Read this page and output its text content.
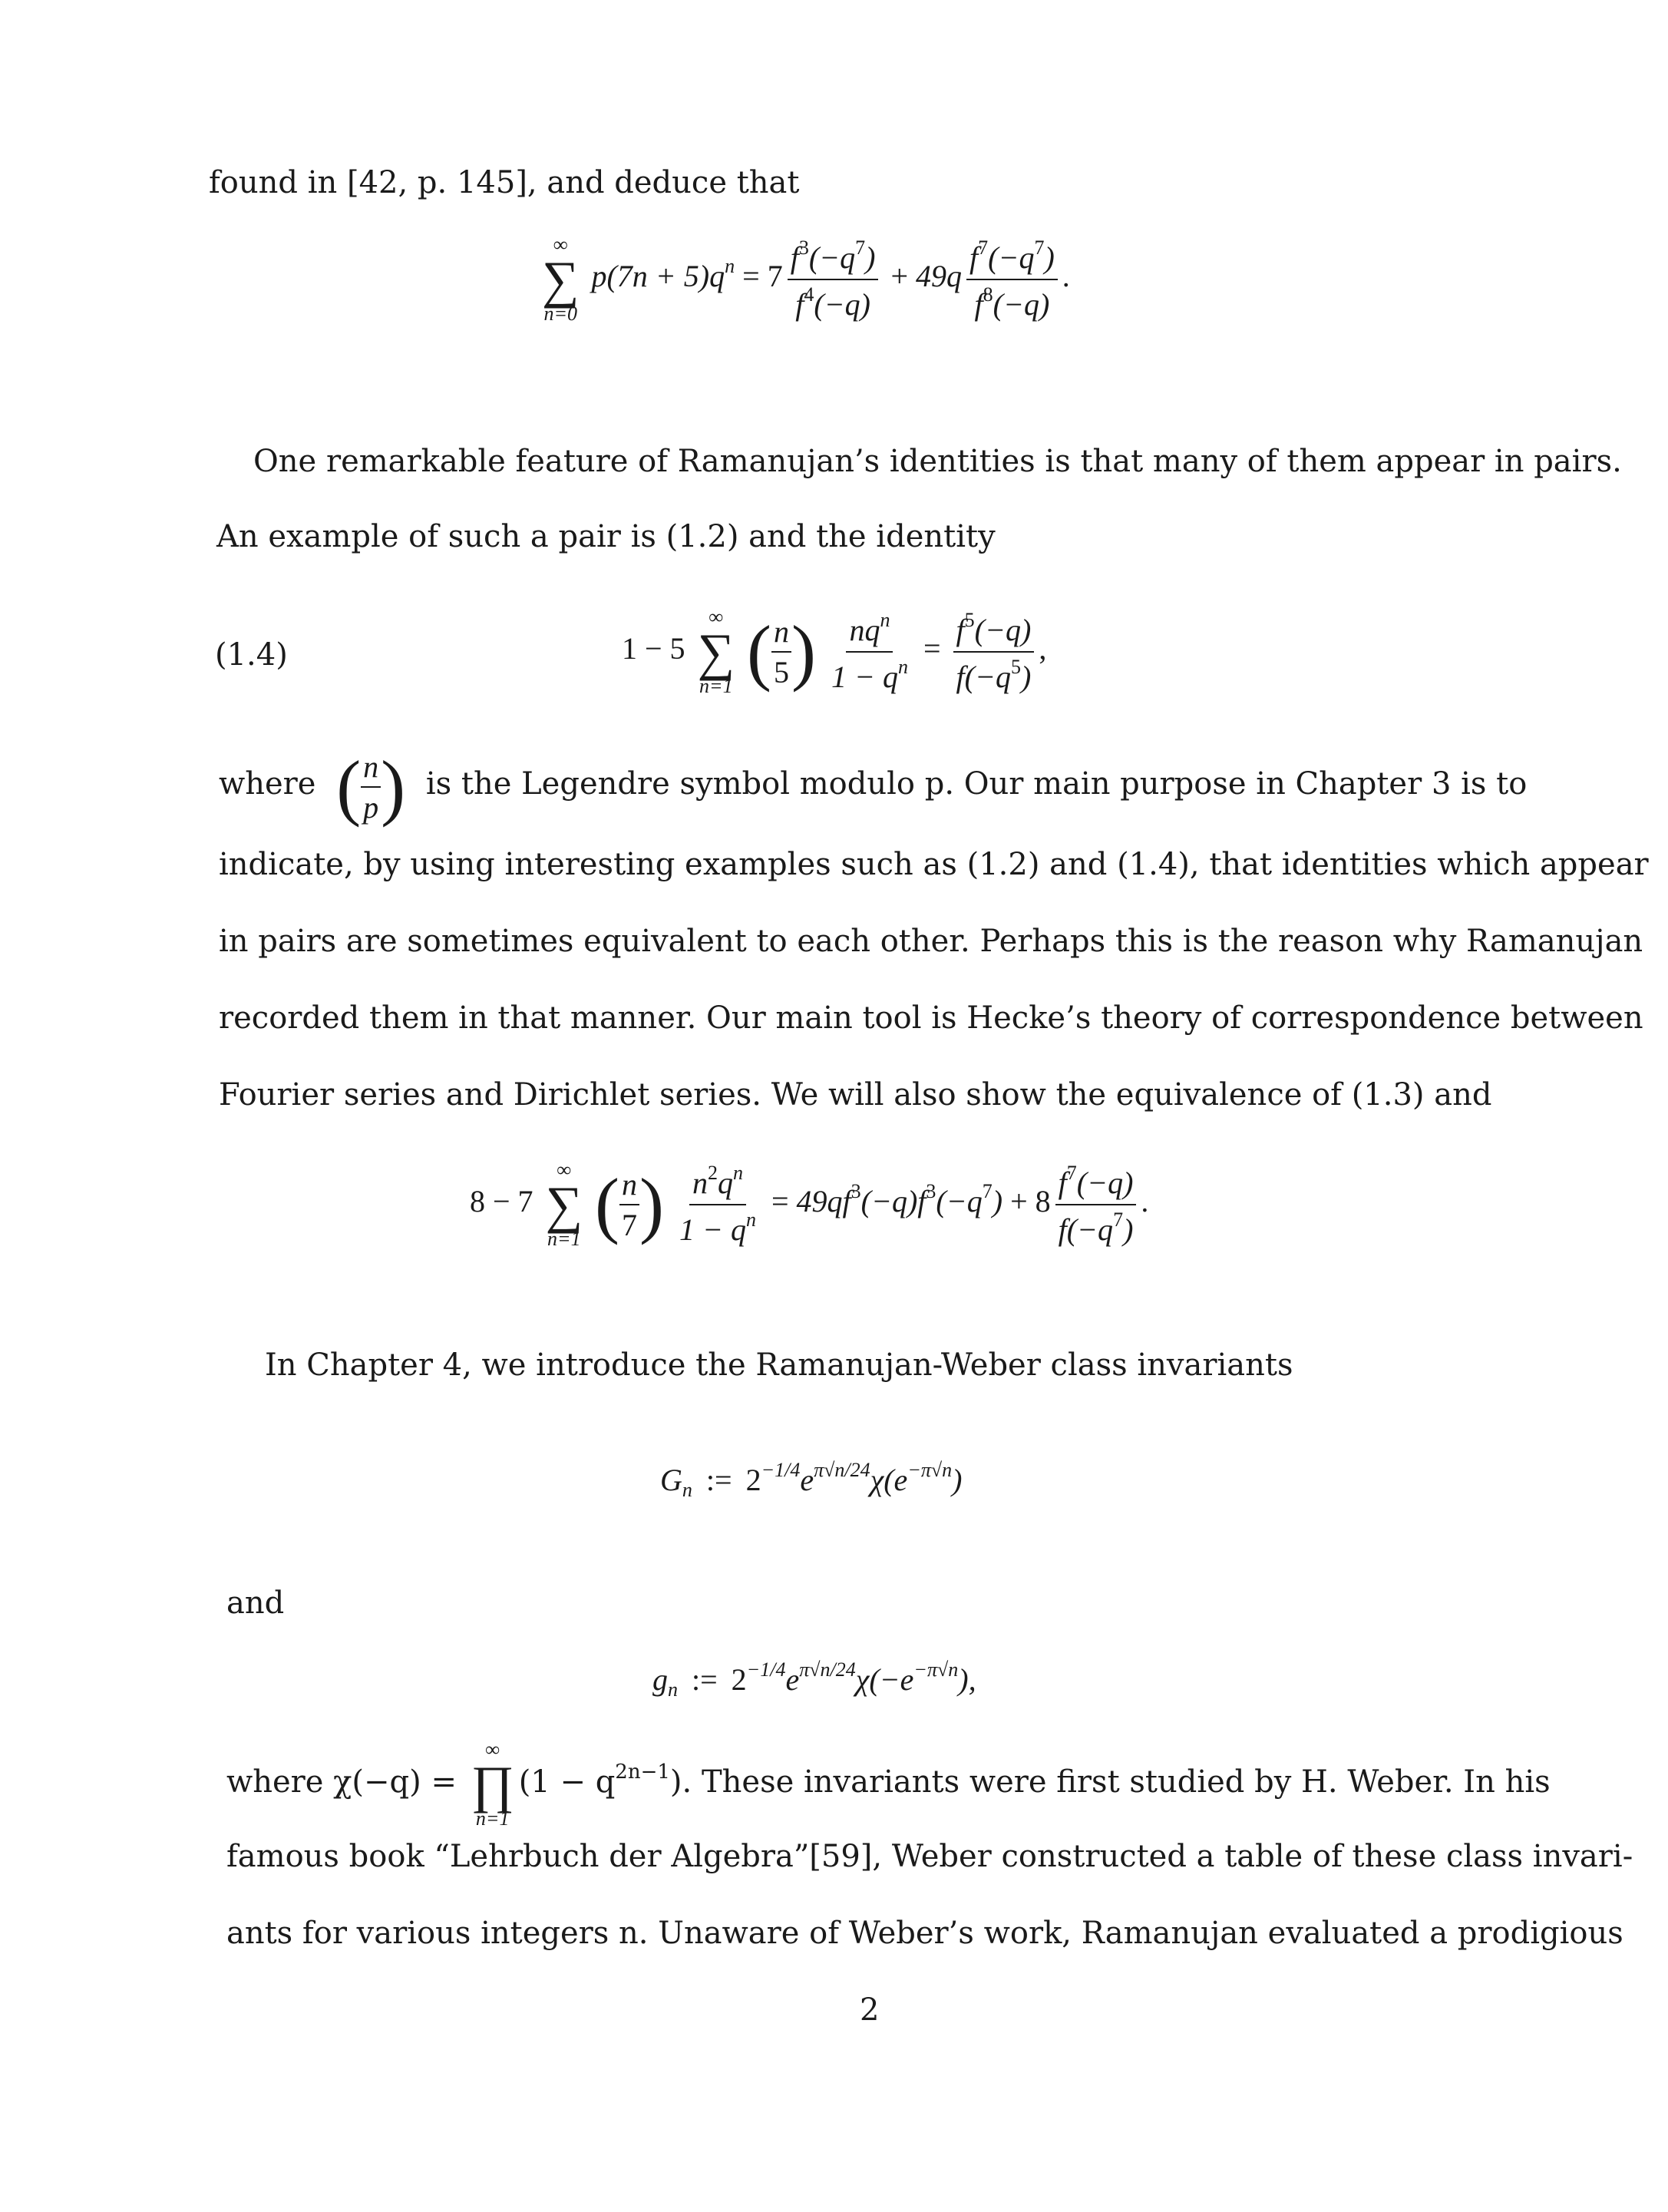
found in [42, p. 145], and deduce that
∞
∑
n=0
$p(7n + 5)q^n = 7 \frac{f^3(-q^7)}{f^4(-q)} + 49q \frac{f^7(-q^7)}{f^8(-q)}$ .
One remarkable feature of Ramanujan’s identities is that many of them appear in pairs.
An example of such a pair is (1.2) and the identity
(1.4)	1 − 5
∞
∑
n=1 ( $\frac{n}{5}$ ) $\frac{nq^n}{1 - q^n} = \frac{f^5(-q)}{f(-q^5)}$ ,
where ( $\frac{n}{p}$ ) is the Legendre symbol modulo p. Our main purpose in Chapter 3 is to
indicate, by using interesting examples such as (1.2) and (1.4), that identities which appear
in pairs are sometimes equivalent to each other. Perhaps this is the reason why Ramanujan
recorded them in that manner. Our main tool is Hecke’s theory of correspondence between
Fourier series and Dirichlet series. We will also show the equivalence of (1.3) and
8 − 7
∞
∑
n=1 ( $\frac{n}{7}$ ) $\frac{n^2q^n}{1 - q^n} = 49qf^3(-q)f^3(-q^7) + 8 \frac{f^7(-q)}{f(-q^7)}$ .
In Chapter 4, we introduce the Ramanujan-Weber class invariants
$G_n$ := $2^{-1/4}e^{\pi√n/24}\chi(e^{-\pi√n})$
and
$g_n$ := $2^{-1/4}e^{\pi√n/24}\chi(-e^{-\pi√n})$,
where χ(−q) =
∞
∏
n=1
$(1 - q^{2n-1})$. These invariants were first studied by H. Weber. In his
famous book “Lehrbuch der Algebra”[59], Weber constructed a table of these class invari-
ants for various integers n. Unaware of Weber’s work, Ramanujan evaluated a prodigious
2
